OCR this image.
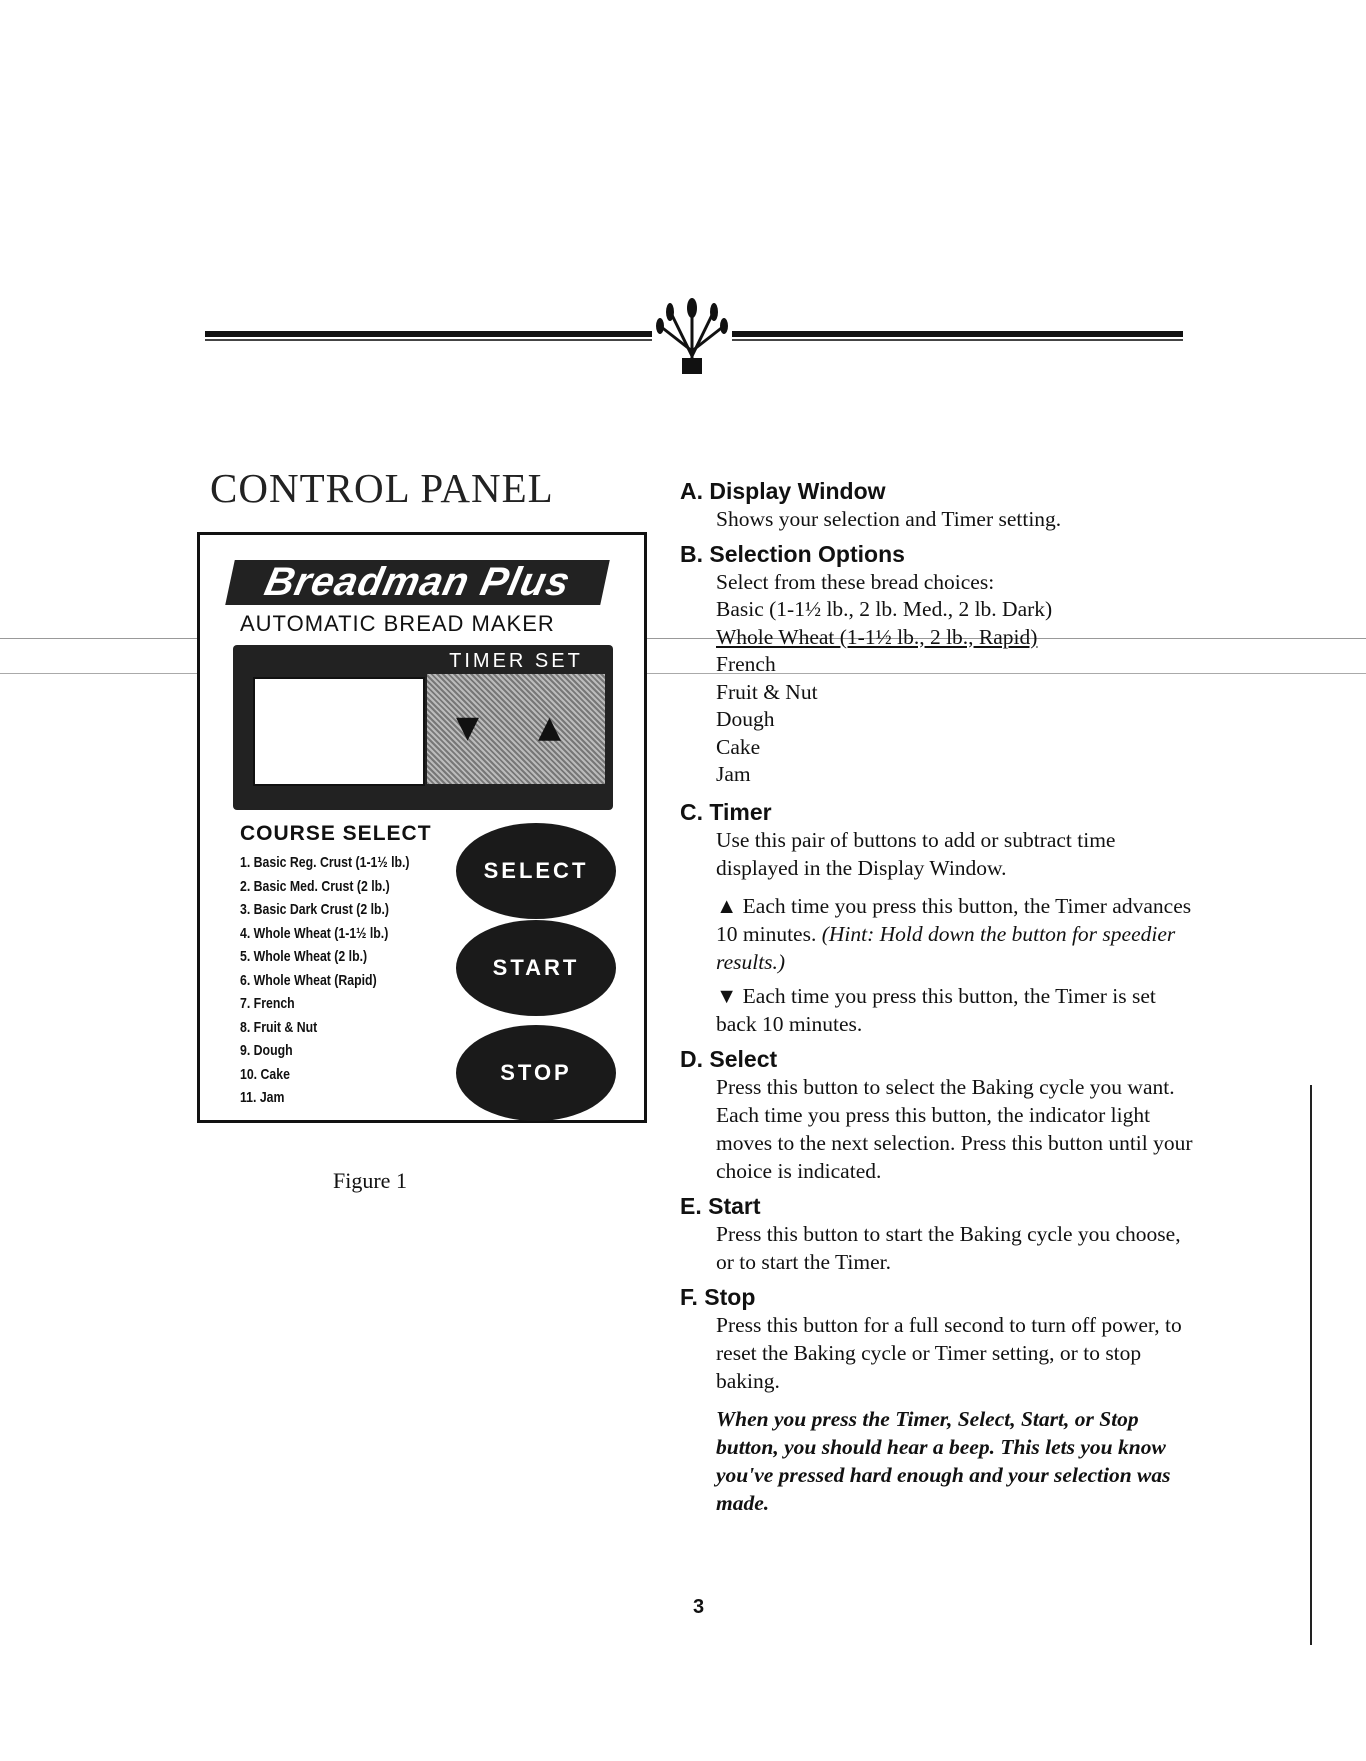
CONTROL PANEL
Breadman Plus
AUTOMATIC BREAD MAKER
TIMER SET
▼ ▲
COURSE SELECT
1. Basic Reg. Crust (1-1½ lb.)
2. Basic Med. Crust (2 lb.)
3. Basic Dark Crust (2 lb.)
4. Whole Wheat (1-1½ lb.)
5. Whole Wheat (2 lb.)
6. Whole Wheat (Rapid)
7. French
8. Fruit & Nut
9. Dough
10. Cake
11. Jam
SELECT
START
STOP
Figure 1

A. Display Window

Shows your selection and Timer setting.

B. Selection Options

Select from these bread choices:

Basic (1-1½ lb., 2 lb. Med., 2 lb. Dark)

Whole Wheat (1-1½ lb., 2 lb., Rapid)

French

Fruit & Nut

Dough

Cake

Jam

C. Timer

Use this pair of buttons to add or subtract time displayed in the Display Window.

▲ Each time you press this button, the Timer advances 10 minutes. (Hint: Hold down the button for speedier results.)

▼ Each time you press this button, the Timer is set back 10 minutes.

D. Select

Press this button to select the Baking cycle you want. Each time you press this button, the indicator light moves to the next selection. Press this button until your choice is indicated.

E. Start

Press this button to start the Baking cycle you choose, or to start the Timer.

F. Stop

Press this button for a full second to turn off power, to reset the Baking cycle or Timer setting, or to stop baking.

When you press the Timer, Select, Start, or Stop button, you should hear a beep. This lets you know you've pressed hard enough and your selection was made.

3
